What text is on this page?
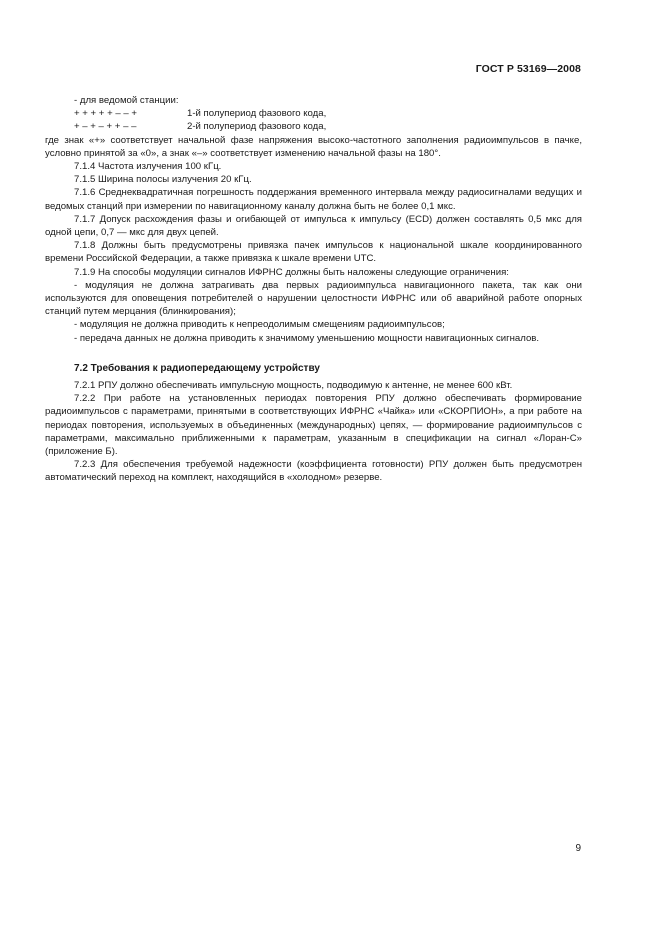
ГОСТ Р 53169—2008

- для ведомой станции:

+ + + + + – – +	1-й полупериод фазового кода,

+ – + – + + – –	2-й полупериод фазового кода,

где знак «+» соответствует начальной фазе напряжения высоко-частотного заполнения радиоимпульсов в пачке, условно принятой за «0», а знак «–» соответствует изменению начальной фазы на 180°.

7.1.4 Частота излучения 100 кГц.

7.1.5 Ширина полосы излучения 20 кГц.

7.1.6 Среднеквадратичная погрешность поддержания временного интервала между радиосигналами ведущих и ведомых станций при измерении по навигационному каналу должна быть не более 0,1 мкс.

7.1.7 Допуск расхождения фазы и огибающей от импульса к импульсу (ECD) должен составлять 0,5 мкс для одной цепи, 0,7 — мкс для двух цепей.

7.1.8 Должны быть предусмотрены привязка пачек импульсов к национальной шкале координированного времени Российской Федерации, а также привязка к шкале времени UTC.

7.1.9 На способы модуляции сигналов ИФРНС должны быть наложены следующие ограничения:

- модуляция не должна затрагивать два первых радиоимпульса навигационного пакета, так как они используются для оповещения потребителей о нарушении целостности ИФРНС или об аварийной работе опорных станций путем мерцания (блинкирования);

- модуляция не должна приводить к непреодолимым смещениям радиоимпульсов;

- передача данных не должна приводить к значимому уменьшению мощности навигационных сигналов.

7.2 Требования к радиопередающему устройству

7.2.1 РПУ должно обеспечивать импульсную мощность, подводимую к антенне, не менее 600 кВт.

7.2.2 При работе на установленных периодах повторения РПУ должно обеспечивать формирование радиоимпульсов с параметрами, принятыми в соответствующих ИФРНС «Чайка» или «СКОРПИОН», а при работе на периодах повторения, используемых в объединенных (международных) цепях, — формирование радиоимпульсов с параметрами, максимально приближенными к параметрам, указанным в спецификации на сигнал «Лоран-С» (приложение Б).

7.2.3 Для обеспечения требуемой надежности (коэффициента готовности) РПУ должен быть предусмотрен автоматический переход на комплект, находящийся в «холодном» резерве.

9
